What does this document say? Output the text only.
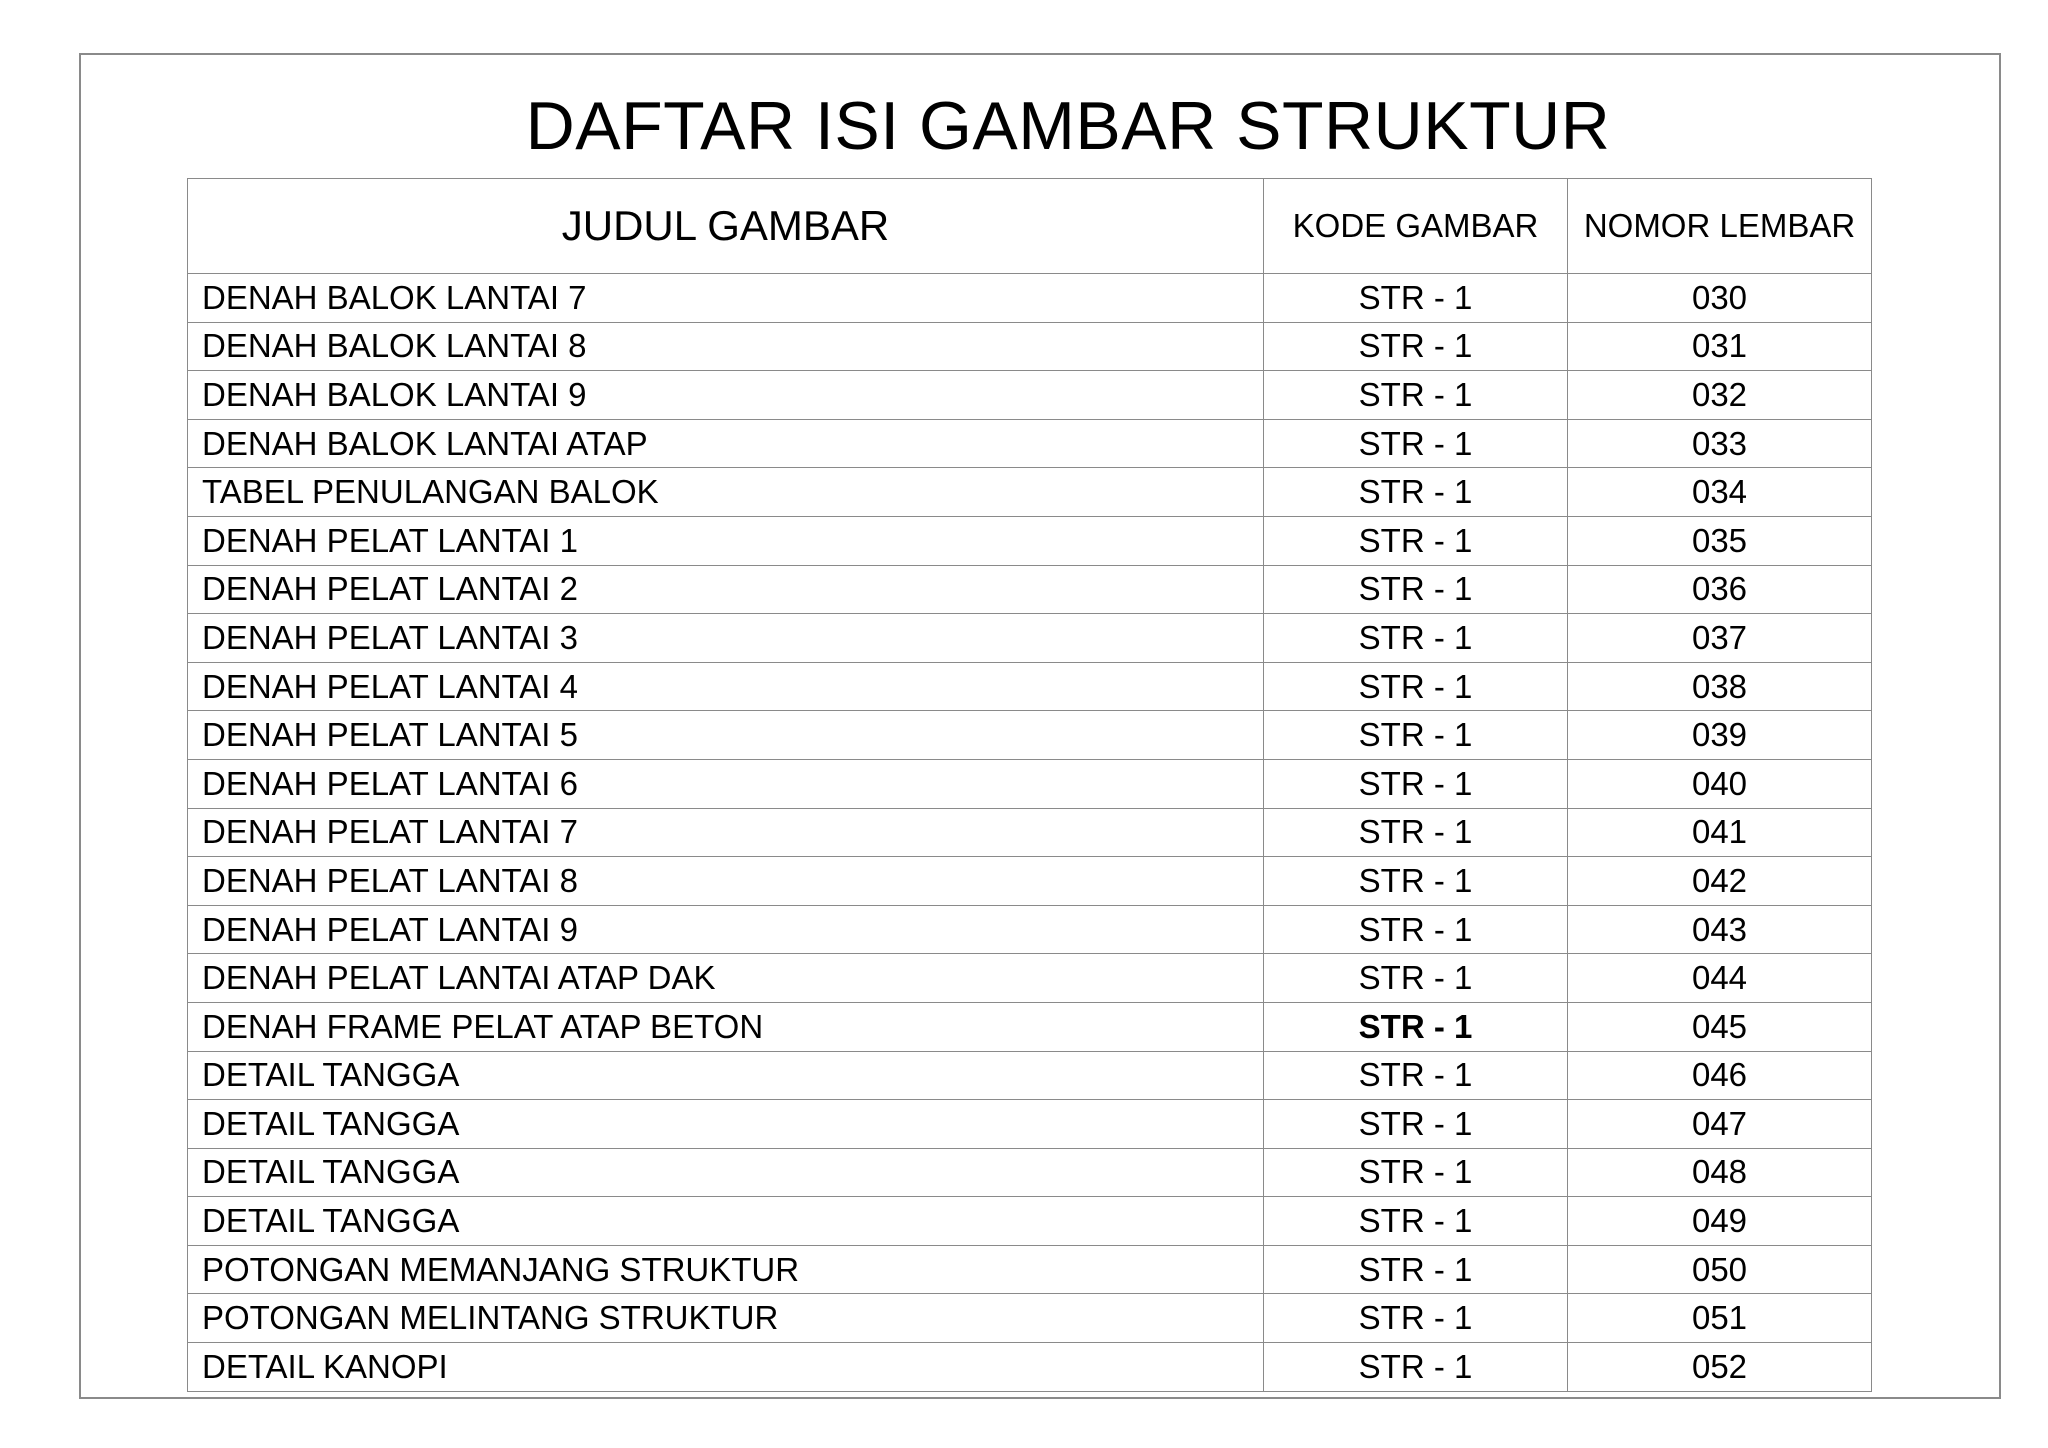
DAFTAR ISI GAMBAR STRUKTUR
JUDUL GAMBAR	KODE GAMBAR	NOMOR LEMBAR
DENAH BALOK LANTAI 7	STR - 1	030
DENAH BALOK LANTAI 8	STR - 1	031
DENAH BALOK LANTAI 9	STR - 1	032
DENAH BALOK LANTAI ATAP	STR - 1	033
TABEL PENULANGAN BALOK	STR - 1	034
DENAH PELAT LANTAI 1	STR - 1	035
DENAH PELAT LANTAI 2	STR - 1	036
DENAH PELAT LANTAI 3	STR - 1	037
DENAH PELAT LANTAI 4	STR - 1	038
DENAH PELAT LANTAI 5	STR - 1	039
DENAH PELAT LANTAI 6	STR - 1	040
DENAH PELAT LANTAI 7	STR - 1	041
DENAH PELAT LANTAI 8	STR - 1	042
DENAH PELAT LANTAI 9	STR - 1	043
DENAH PELAT LANTAI ATAP DAK	STR - 1	044
DENAH FRAME PELAT ATAP BETON	STR - 1	045
DETAIL TANGGA	STR - 1	046
DETAIL TANGGA	STR - 1	047
DETAIL TANGGA	STR - 1	048
DETAIL TANGGA	STR - 1	049
POTONGAN MEMANJANG STRUKTUR	STR - 1	050
POTONGAN MELINTANG STRUKTUR	STR - 1	051
DETAIL KANOPI	STR - 1	052
